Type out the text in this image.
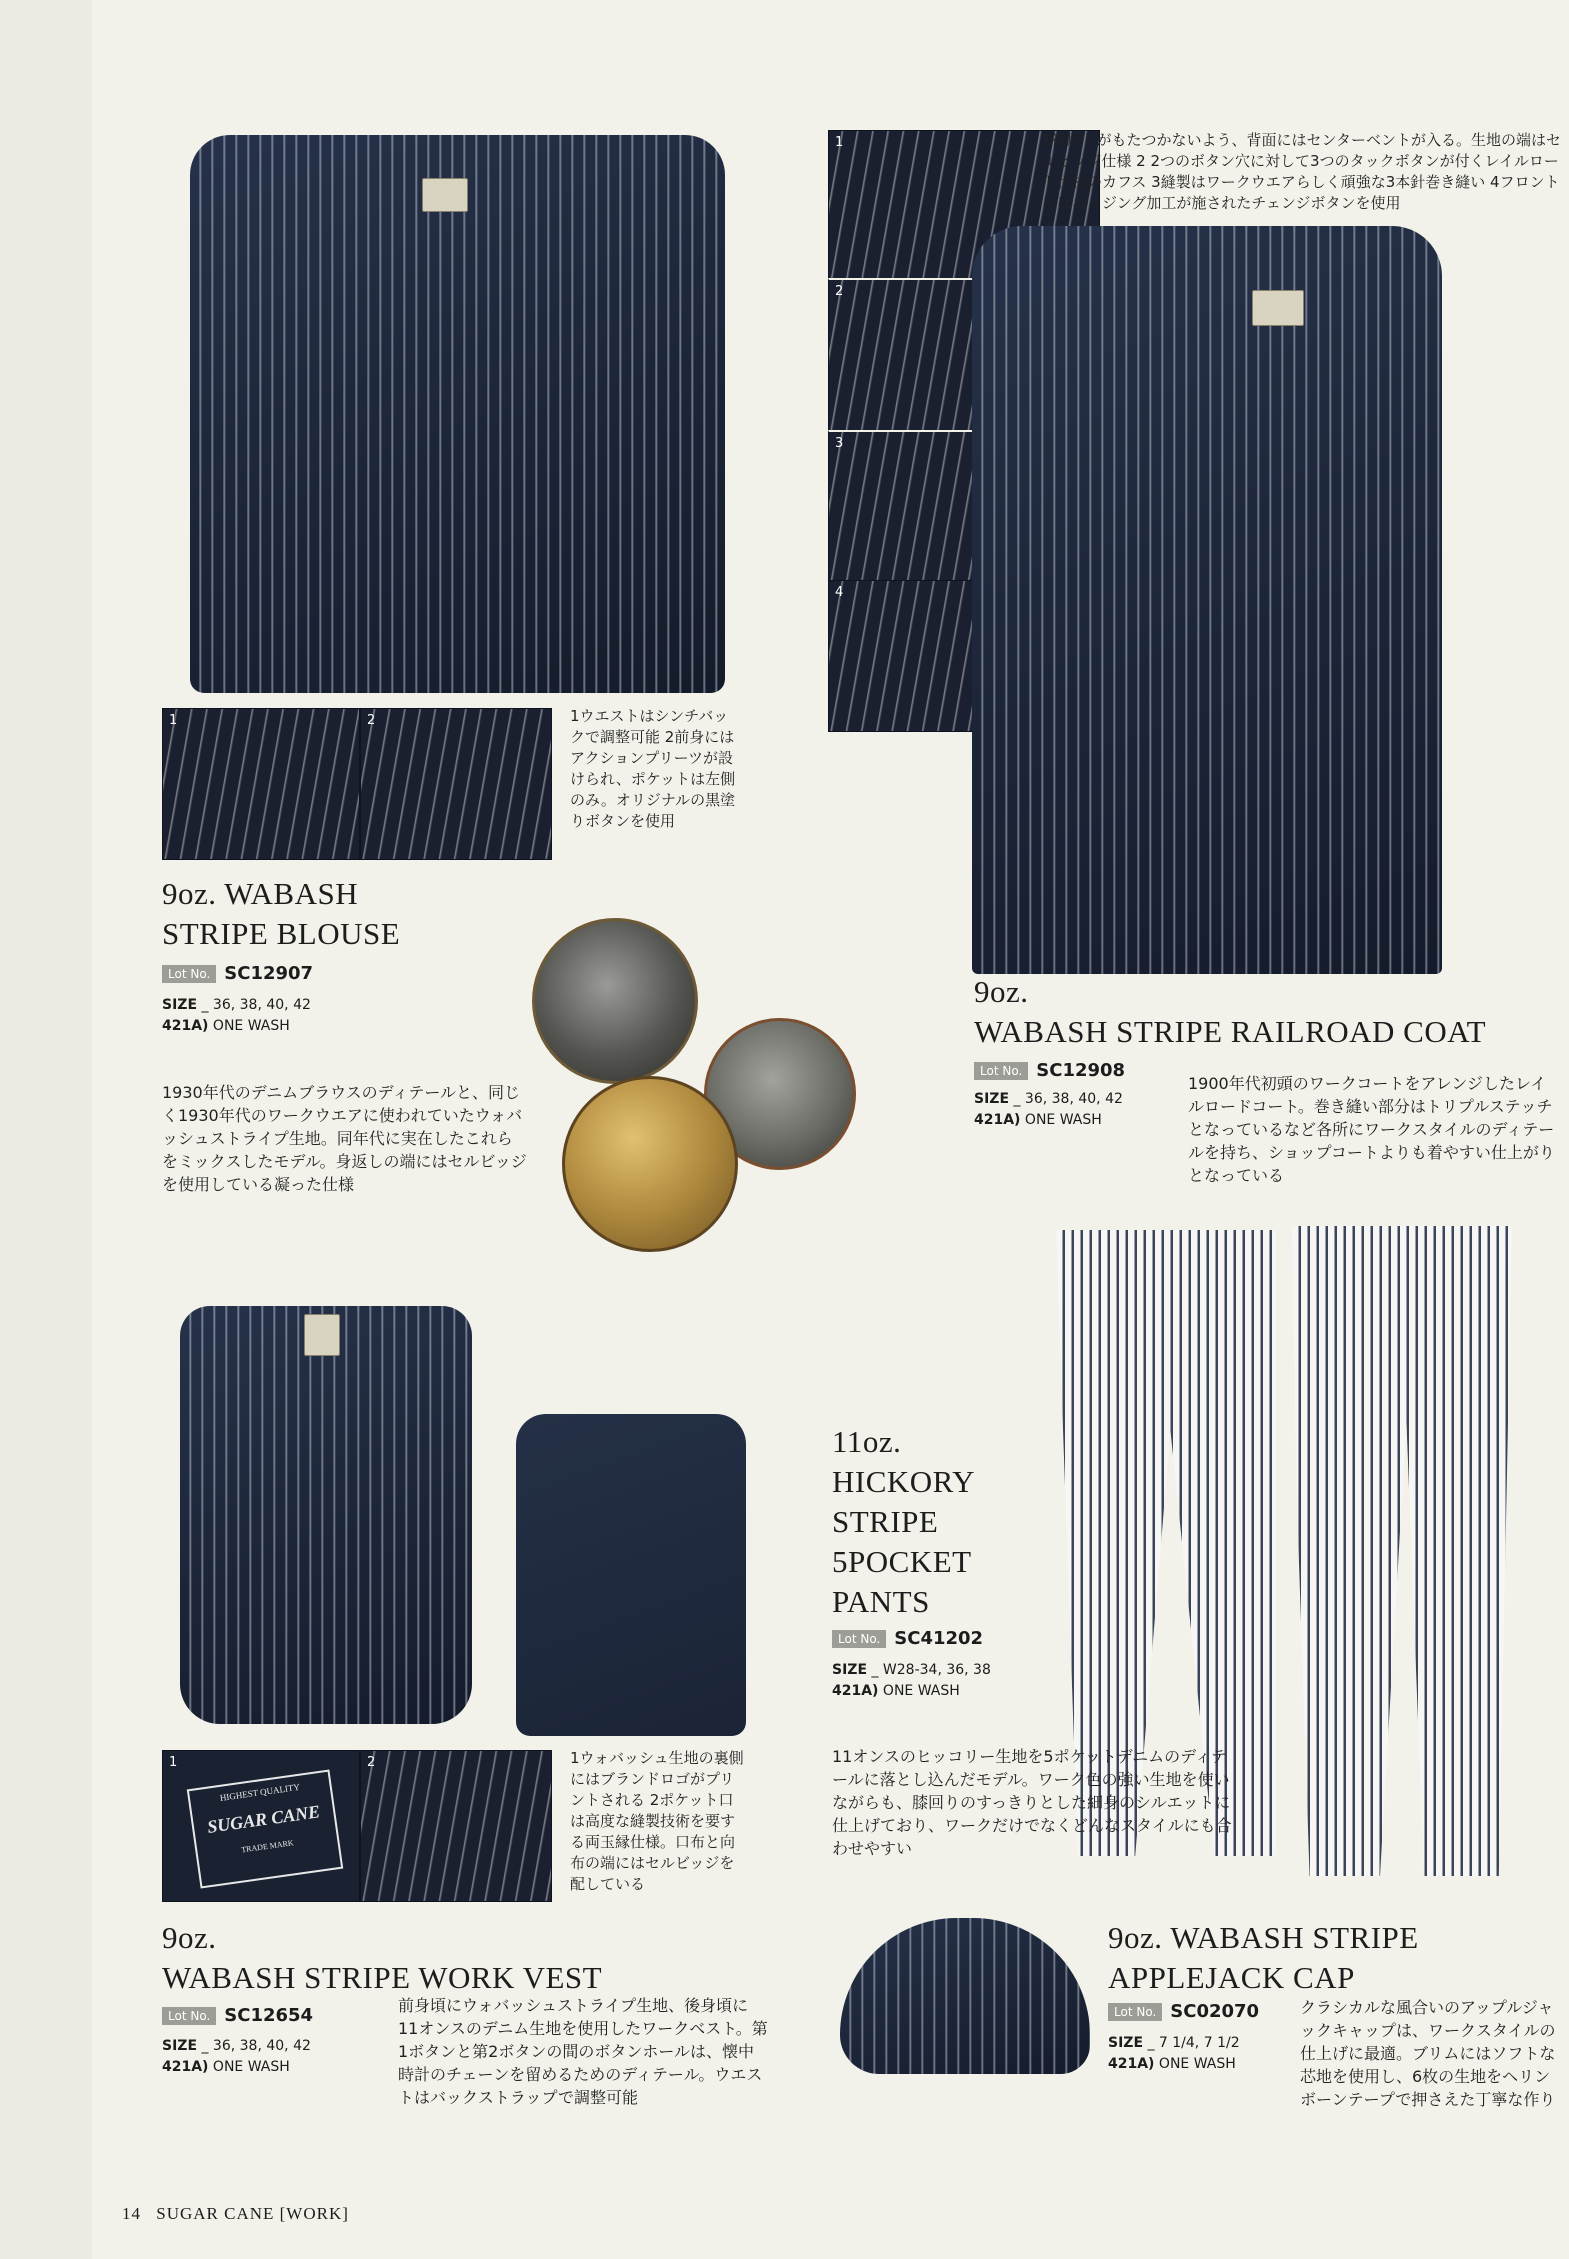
1	2	1ウエストはシンチバックで調整可能 2前身にはアクションプリーツが設けられ、ポケットは左側のみ。オリジナルの黒塗りボタンを使用
9oz. WABASH
STRIPE BLOUSE
Lot No. SC12907
SIZE _ 36, 38, 40, 42
421A) ONE WASH
1930年代のデニムブラウスのディテールと、同じく1930年代のワークウエアに使われていたウォバッシュストライプ生地。同年代に実在したこれらをミックスしたモデル。身返しの端にはセルビッジを使用している凝った仕様
1
2
3
4
1裾周りがもたつかないよう、背面にはセンターベントが入る。生地の端はセルビッジ仕様 2 2つのボタン穴に対して3つのタックボタンが付くレイルロード仕様のカフス 3縫製はワークウエアらしく頑強な3本針巻き縫い 4フロントにはエイジング加工が施されたチェンジボタンを使用
9oz.
WABASH STRIPE RAILROAD COAT
Lot No. SC12908
SIZE _ 36, 38, 40, 42
421A) ONE WASH
1900年代初頭のワークコートをアレンジしたレイルロードコート。巻き縫い部分はトリプルステッチとなっているなど各所にワークスタイルのディテールを持ち、ショップコートよりも着やすい仕上がりとなっている
1
HIGHEST QUALITY
SUGAR CANE
TRADE MARK
2	1ウォバッシュ生地の裏側にはブランドロゴがプリントされる 2ポケット口は高度な縫製技術を要する両玉縁仕様。口布と向布の端にはセルビッジを配している
9oz.
WABASH STRIPE WORK VEST
Lot No. SC12654
SIZE _ 36, 38, 40, 42
421A) ONE WASH
前身頃にウォバッシュストライプ生地、後身頃に11オンスのデニム生地を使用したワークベスト。第1ボタンと第2ボタンの間のボタンホールは、懐中時計のチェーンを留めるためのディテール。ウエストはバックストラップで調整可能
11oz.
HICKORY
STRIPE
5POCKET
PANTS
Lot No. SC41202
SIZE _ W28-34, 36, 38
421A) ONE WASH
11オンスのヒッコリー生地を5ポケットデニムのディテールに落とし込んだモデル。ワーク色の強い生地を使いながらも、膝回りのすっきりとした細身のシルエットに仕上げており、ワークだけでなくどんなスタイルにも合わせやすい
9oz. WABASH STRIPE
APPLEJACK CAP
Lot No. SC02070
SIZE _ 7 1/4, 7 1/2
421A) ONE WASH
クラシカルな風合いのアップルジャックキャップは、ワークスタイルの仕上げに最適。ブリムにはソフトな芯地を使用し、6枚の生地をヘリンボーンテープで押さえた丁寧な作り
14 SUGAR CANE [WORK]
